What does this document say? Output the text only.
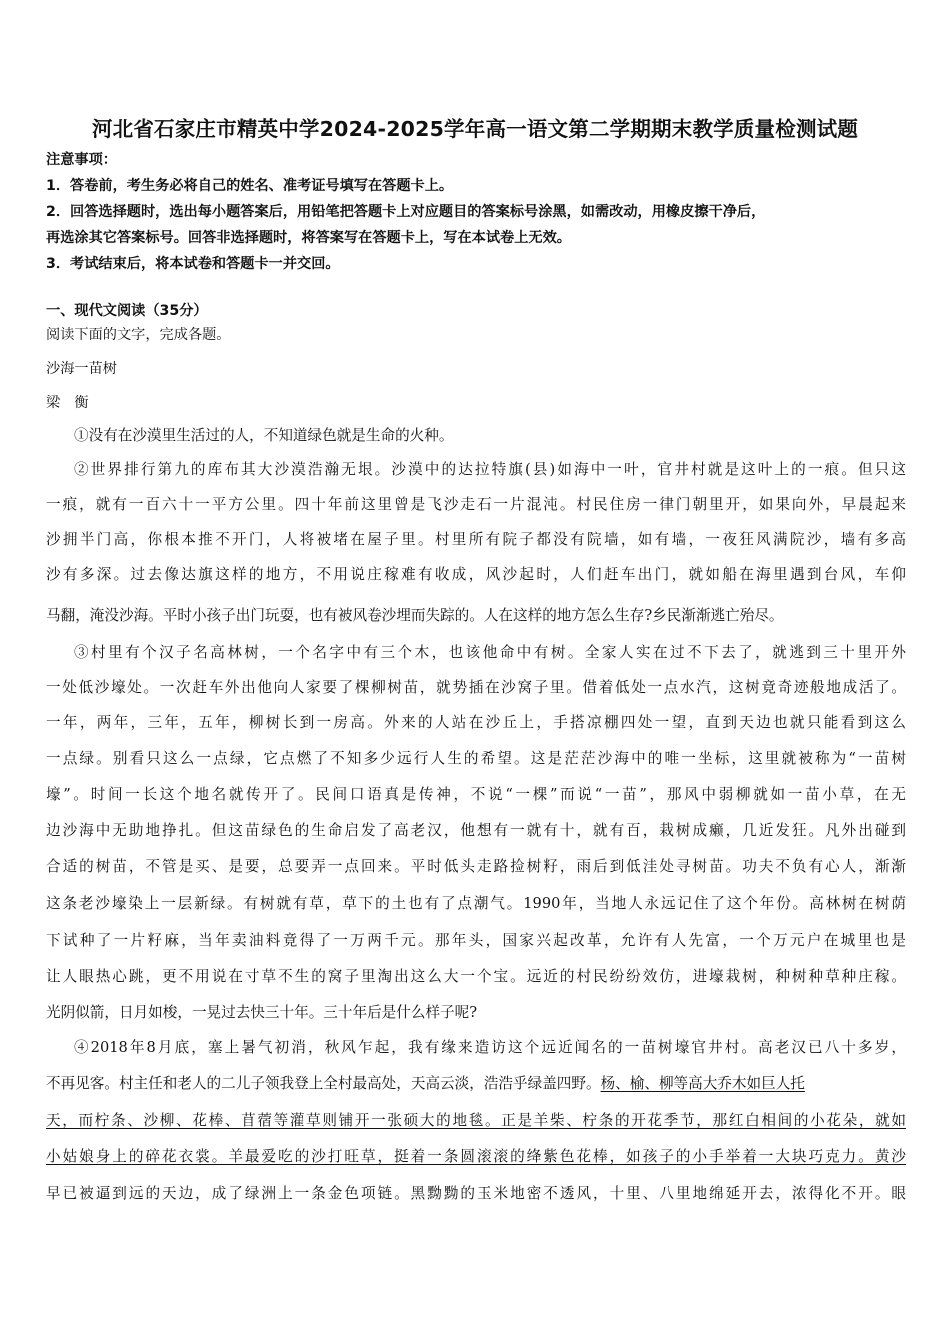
河北省石家庄市精英中学2024-2025学年高一语文第二学期期末教学质量检测试题
注意事项：
1．答卷前，考生务必将自己的姓名、准考证号填写在答题卡上。
2．回答选择题时，选出每小题答案后，用铅笔把答题卡上对应题目的答案标号涂黑，如需改动，用橡皮擦干净后，
再选涂其它答案标号。回答非选择题时，将答案写在答题卡上，写在本试卷上无效。
3．考试结束后，将本试卷和答题卡一并交回。
一、现代文阅读（35分）
阅读下面的文字，完成各题。
沙海一苗树
梁　衡
①没有在沙漠里生活过的人，不知道绿色就是生命的火种。
②世界排行第九的库布其大沙漠浩瀚无垠。沙漠中的达拉特旗(县)如海中一叶，官井村就是这叶上的一痕。但只这
一痕，就有一百六十一平方公里。四十年前这里曾是飞沙走石一片混沌。村民住房一律门朝里开，如果向外，早晨起来
沙拥半门高，你根本推不开门，人将被堵在屋子里。村里所有院子都没有院墙，如有墙，一夜狂风满院沙，墙有多高
沙有多深。过去像达旗这样的地方，不用说庄稼难有收成，风沙起时，人们赶车出门，就如船在海里遇到台风，车仰
马翻，淹没沙海。平时小孩子出门玩耍，也有被风卷沙埋而失踪的。人在这样的地方怎么生存?乡民渐渐逃亡殆尽。
③村里有个汉子名高林树，一个名字中有三个木，也该他命中有树。全家人实在过不下去了，就逃到三十里开外
一处低沙壕处。一次赶车外出他向人家要了棵柳树苗，就势插在沙窝子里。借着低处一点水汽，这树竟奇迹般地成活了。
一年，两年，三年，五年，柳树长到一房高。外来的人站在沙丘上，手搭凉棚四处一望，直到天边也就只能看到这么
一点绿。别看只这么一点绿，它点燃了不知多少远行人生的希望。这是茫茫沙海中的唯一坐标，这里就被称为“一苗树
壕”。时间一长这个地名就传开了。民间口语真是传神，不说“一棵”而说“一苗”，那风中弱柳就如一苗小草，在无
边沙海中无助地挣扎。但这苗绿色的生命启发了高老汉，他想有一就有十，就有百，栽树成癞，几近发狂。凡外出碰到
合适的树苗，不管是买、是要，总要弄一点回来。平时低头走路捡树籽，雨后到低洼处寻树苗。功夫不负有心人，渐渐
这条老沙壕染上一层新绿。有树就有草，草下的土也有了点潮气。1990年，当地人永远记住了这个年份。高林树在树荫
下试种了一片籽麻，当年卖油料竟得了一万两千元。那年头，国家兴起改革，允许有人先富，一个万元户在城里也是
让人眼热心跳，更不用说在寸草不生的窝子里淘出这么大一个宝。远近的村民纷纷效仿，进壕栽树，种树种草种庄稼。
光阴似箭，日月如梭，一晃过去快三十年。三十年后是什么样子呢?
④2018年8月底，塞上暑气初消，秋风乍起，我有缘来造访这个远近闻名的一苗树壕官井村。高老汉已八十多岁，
不再见客。村主任和老人的二儿子领我登上全村最高处，天高云淡，浩浩乎绿盖四野。杨、榆、柳等高大乔木如巨人托
天，而柠条、沙柳、花棒、苜蓿等灌草则铺开一张硕大的地毯。正是羊柴、柠条的开花季节，那红白相间的小花朵，就如
小姑娘身上的碎花衣裳。羊最爱吃的沙打旺草，挺着一条圆滚滚的绛紫色花棒，如孩子的小手举着一大块巧克力。黄沙
早已被逼到远的天边，成了绿洲上一条金色项链。黑黝黝的玉米地密不透风，十里、八里地绵延开去，浓得化不开。眼
